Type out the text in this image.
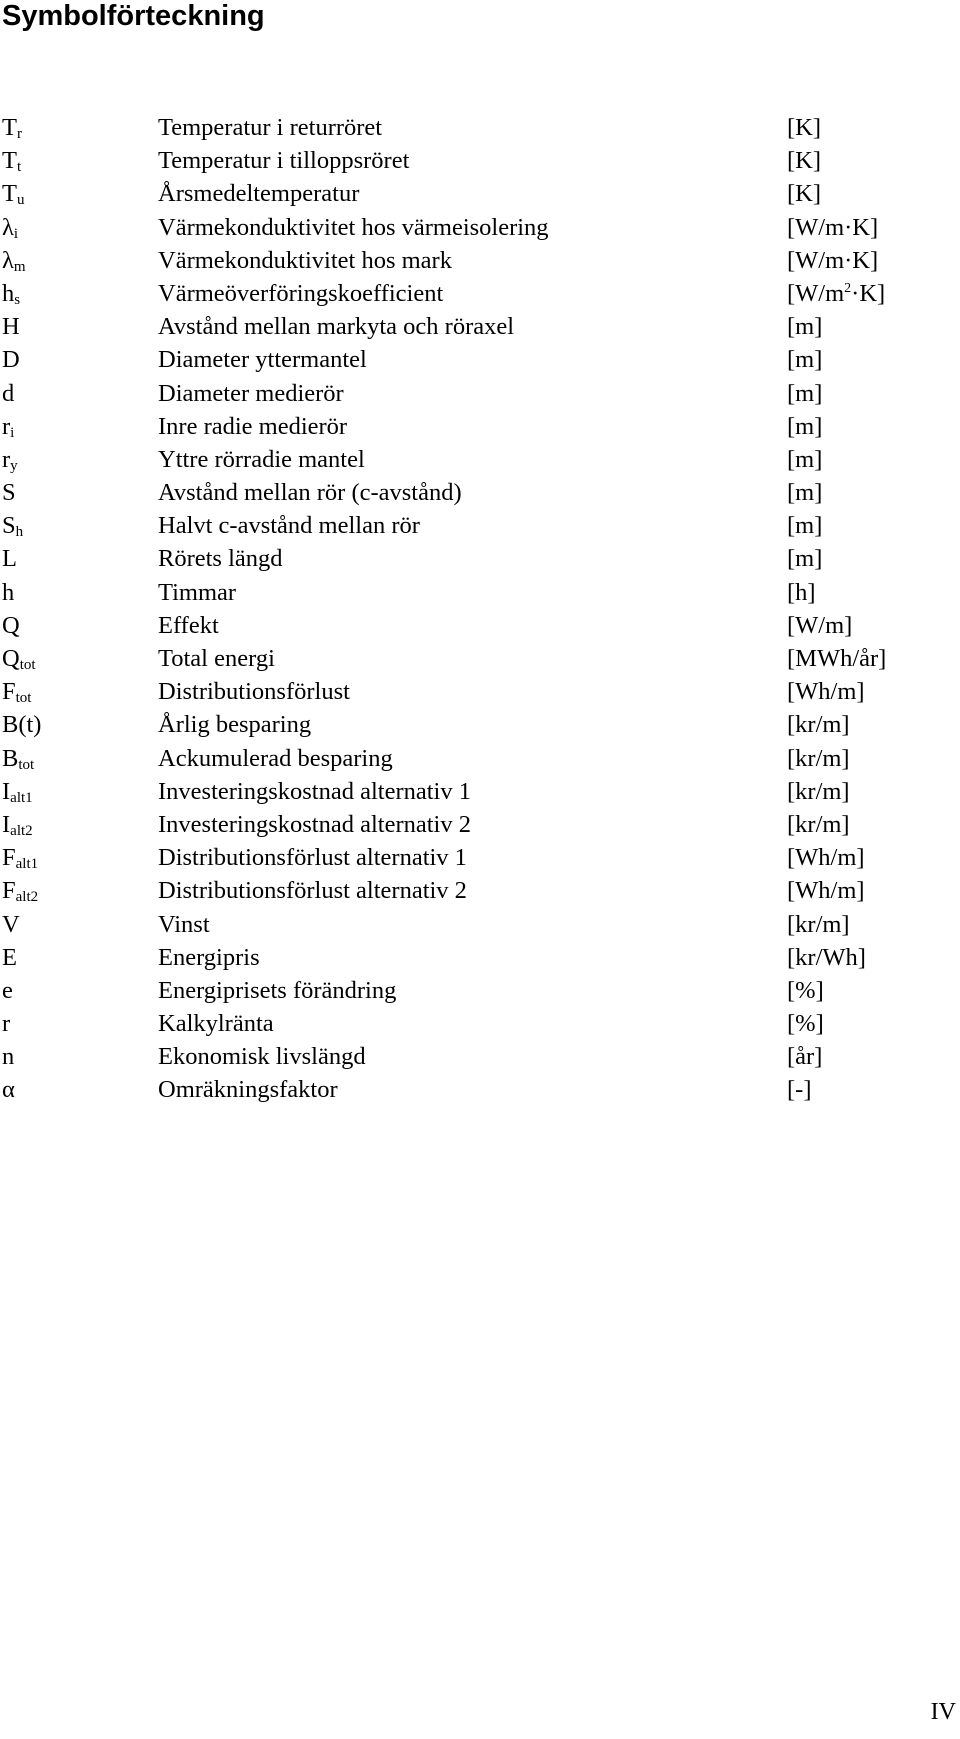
Symbolförteckning
$T_r$	Temperatur i returröret	[K]
$T_t$	Temperatur i tilloppsröret	[K]
$T_u$	Årsmedeltemperatur	[K]
$\lambda_i$	Värmekonduktivitet hos värmeisolering	[W/m·K]
$\lambda_m$	Värmekonduktivitet hos mark	[W/m·K]
$h_s$	Värmeöverföringskoefficient	$[W/m^2\cdot K]$
H	Avstånd mellan markyta och röraxel	[m]
D	Diameter yttermantel	[m]
d	Diameter medierör	[m]
$r_i$	Inre radie medierör	[m]
$r_y$	Yttre rörradie mantel	[m]
S	Avstånd mellan rör (c-avstånd)	[m]
$S_h$	Halvt c-avstånd mellan rör	[m]
L	Rörets längd	[m]
h	Timmar	[h]
Q	Effekt	[W/m]
$Q_{tot}$	Total energi	[MWh/år]
$F_{tot}$	Distributionsförlust	[Wh/m]
B(t)	Årlig besparing	[kr/m]
$B_{tot}$	Ackumulerad besparing	[kr/m]
$I_{alt1}$	Investeringskostnad alternativ 1	[kr/m]
$I_{alt2}$	Investeringskostnad alternativ 2	[kr/m]
$F_{alt1}$	Distributionsförlust alternativ 1	[Wh/m]
$F_{alt2}$	Distributionsförlust alternativ 2	[Wh/m]
V	Vinst	[kr/m]
E	Energipris	[kr/Wh]
e	Energiprisets förändring	[%]
r	Kalkylränta	[%]
n	Ekonomisk livslängd	[år]
α	Omräkningsfaktor	[-]
IV
